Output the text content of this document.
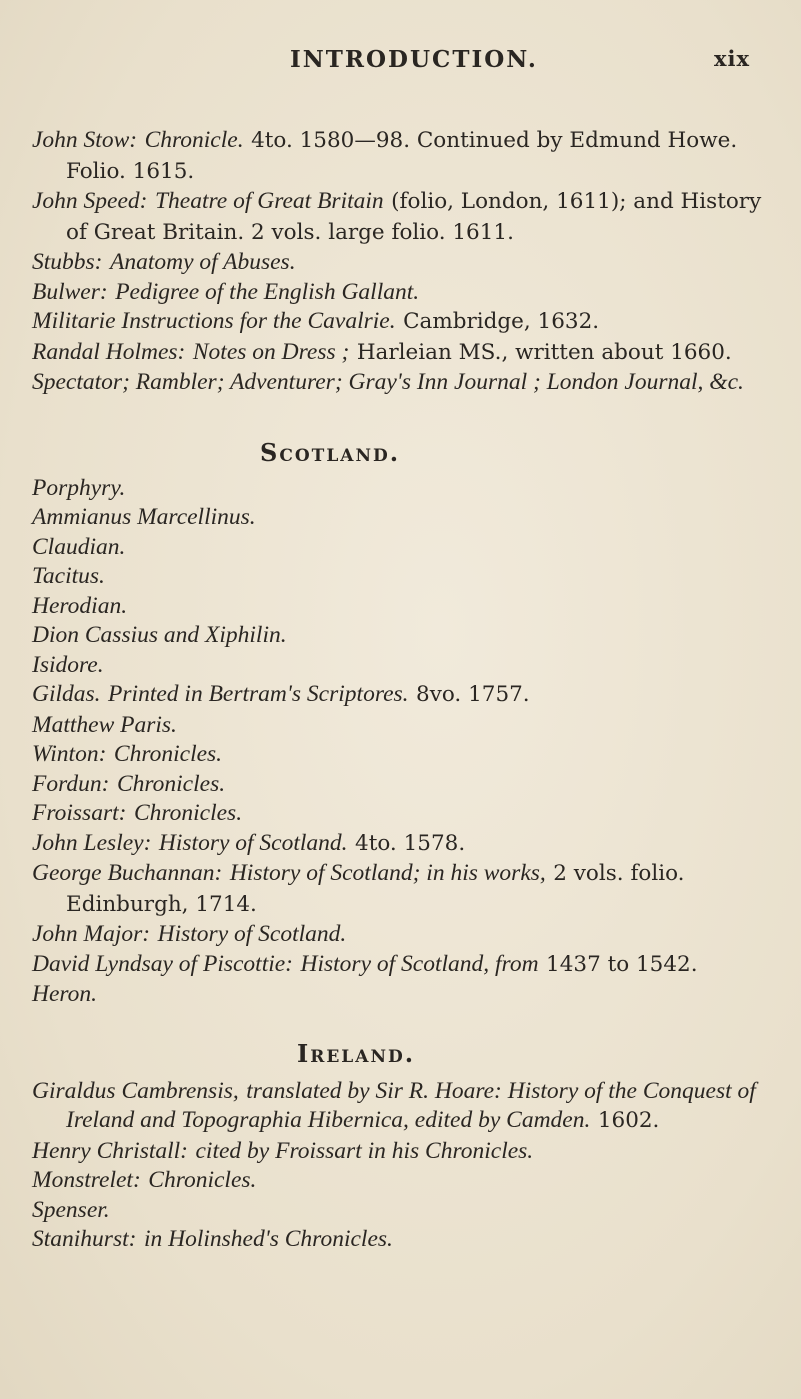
INTRODUCTION.	xix

John Stow: Chronicle. 4to. 1580—98. Continued by Edmund Howe. Folio. 1615.

John Speed: Theatre of Great Britain (folio, London, 1611); and History of Great Britain. 2 vols. large folio. 1611.

Stubbs: Anatomy of Abuses.

Bulwer: Pedigree of the English Gallant.

Militarie Instructions for the Cavalrie. Cambridge, 1632.

Randal Holmes: Notes on Dress ; Harleian MS., written about 1660.

Spectator; Rambler; Adventurer; Gray's Inn Journal ; London Journal, &c.

Scotland.

Porphyry.

Ammianus Marcellinus.

Claudian.

Tacitus.

Herodian.

Dion Cassius and Xiphilin.

Isidore.

Gildas. Printed in Bertram's Scriptores. 8vo. 1757.

Matthew Paris.

Winton: Chronicles.

Fordun: Chronicles.

Froissart: Chronicles.

John Lesley: History of Scotland. 4to. 1578.

George Buchannan: History of Scotland; in his works, 2 vols. folio. Edinburgh, 1714.

John Major: History of Scotland.

David Lyndsay of Piscottie: History of Scotland, from 1437 to 1542.

Heron.

Ireland.

Giraldus Cambrensis, translated by Sir R. Hoare: History of the Conquest of Ireland and Topographia Hibernica, edited by Camden. 1602.

Henry Christall: cited by Froissart in his Chronicles.

Monstrelet: Chronicles.

Spenser.

Stanihurst: in Holinshed's Chronicles.
